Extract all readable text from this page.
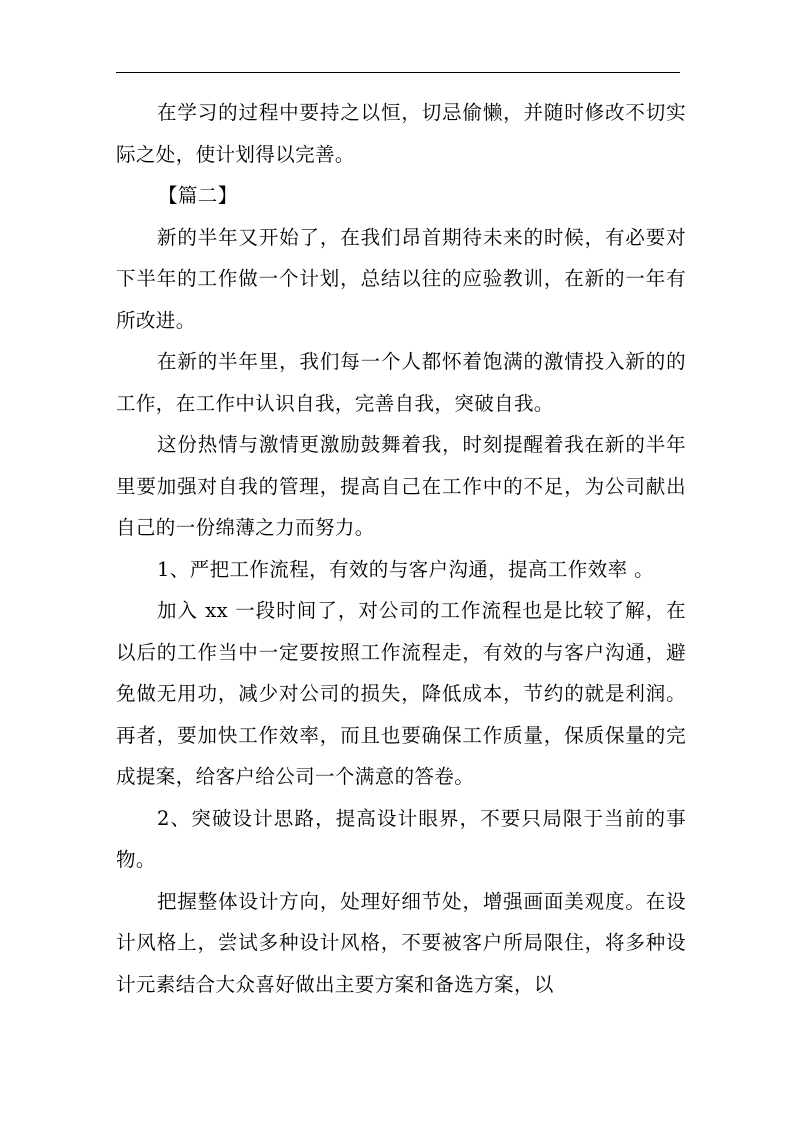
在学习的过程中要持之以恒，切忌偷懒，并随时修改不切实际之处，使计划得以完善。

【篇二】

新的半年又开始了，在我们昂首期待未来的时候，有必要对下半年的工作做一个计划，总结以往的应验教训，在新的一年有所改进。

在新的半年里，我们每一个人都怀着饱满的激情投入新的的工作，在工作中认识自我，完善自我，突破自我。

这份热情与激情更激励鼓舞着我，时刻提醒着我在新的半年里要加强对自我的管理，提高自己在工作中的不足，为公司献出自己的一份绵薄之力而努力。

1、严把工作流程，有效的与客户沟通，提高工作效率 。

加入 xx 一段时间了，对公司的工作流程也是比较了解，在以后的工作当中一定要按照工作流程走，有效的与客户沟通，避免做无用功，减少对公司的损失，降低成本，节约的就是利润。再者，要加快工作效率，而且也要确保工作质量，保质保量的完成提案，给客户给公司一个满意的答卷。

2、突破设计思路，提高设计眼界，不要只局限于当前的事物。

把握整体设计方向，处理好细节处，增强画面美观度。在设计风格上，尝试多种设计风格，不要被客户所局限住，将多种设计元素结合大众喜好做出主要方案和备选方案，以
